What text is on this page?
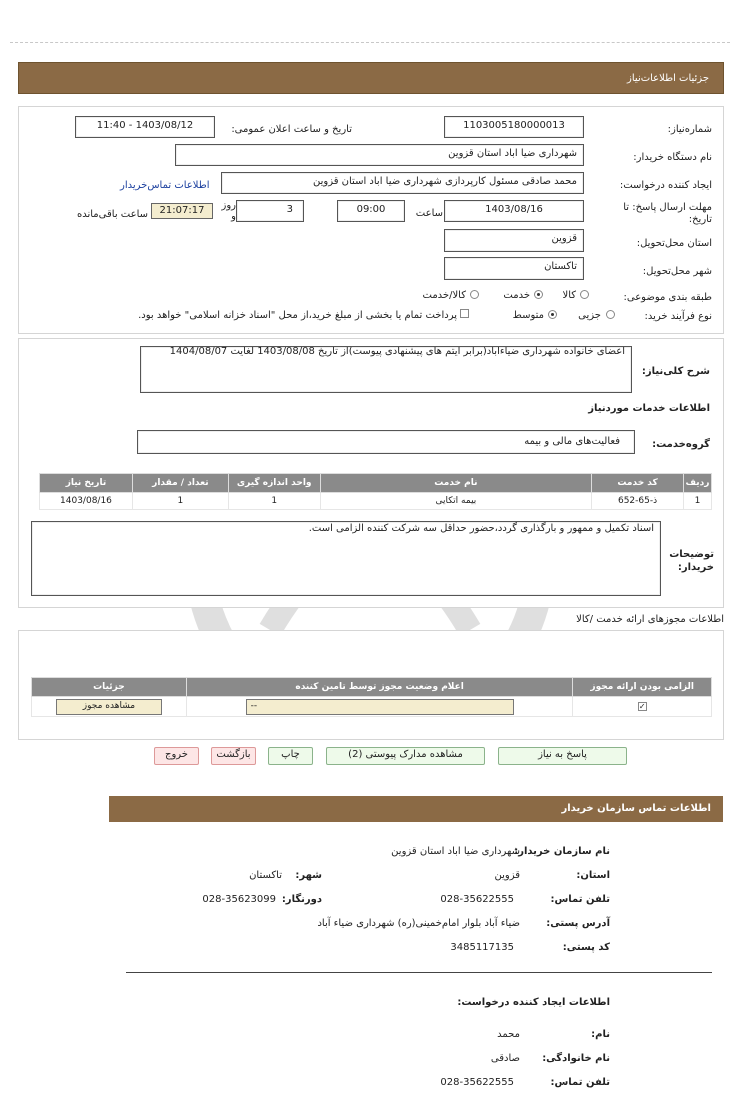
جزئیات اطلاعات‌نیاز
شماره‌نیاز:
1103005180000013
تاریخ و ساعت اعلان عمومی:
1403/08/12 - 11:40
نام دستگاه خریدار:
شهرداری ضیا اباد استان قزوین
ایجاد کننده درخواست:
محمد صادقی مسئول کارپردازی شهرداری ضیا اباد استان قزوین
اطلاعات تماس‌خریدار
مهلت ارسال پاسخ: تا تاریخ:
1403/08/16
ساعت
09:00
3
روز و
21:07:17
ساعت باقی‌مانده
استان محل‌تحویل:
قزوین
شهر محل‌تحویل:
تاکستان
طبقه بندی موضوعی:
کالا
خدمت
کالا/خدمت
نوع فرآیند خرید:
جزیی
متوسط
پرداخت تمام یا بخشی از مبلغ خرید،از محل "اسناد خزانه اسلامی" خواهد بود.
شرح کلی‌نیاز:
اعضای خانواده شهرداری ضیاءاباد(برابر ایتم های پیشنهادی پیوست)از تاریخ 1403/08/08 لغایت 1404/08/07
اطلاعات خدمات موردنیاز
گروه‌خدمت:
فعالیت‌های مالی و بیمه
ردیف	کد خدمت	نام خدمت	واحد اندازه گیری	تعداد / مقدار	تاریخ نیاز
1	ذ-65-652	بیمه اتکایی	1	1	1403/08/16
توضیحات خریدار:
اسناد تکمیل و ممهور و بارگذاری گردد،حضور حداقل سه شرکت کننده الزامی است.
اطلاعات مجوزهای ارائه خدمت /کالا
الزامی بودن ارائه مجوز	اعلام وضعیت مجوز توسط تامین کننده	جزئیات
✓	--	مشاهده مجوز
پاسخ به نیاز
مشاهده مدارک پیوستی (2)
چاپ
بازگشت
خروج
اطلاعات تماس سازمان خریدار
نام سازمان خریدار:
شهرداری ضیا اباد استان قزوین
استان:
قزوین
شهر:
تاکستان
تلفن تماس:
028-35622555
دورنگار:
028-35623099
آدرس پستی:
ضیاء آباد بلوار امام‌خمینی(ره) شهرداری ضیاء آباد
کد پستی:
3485117135
اطلاعات ایجاد کننده درخواست:
نام:
محمد
نام خانوادگی:
صادقی
تلفن تماس:
028-35622555
